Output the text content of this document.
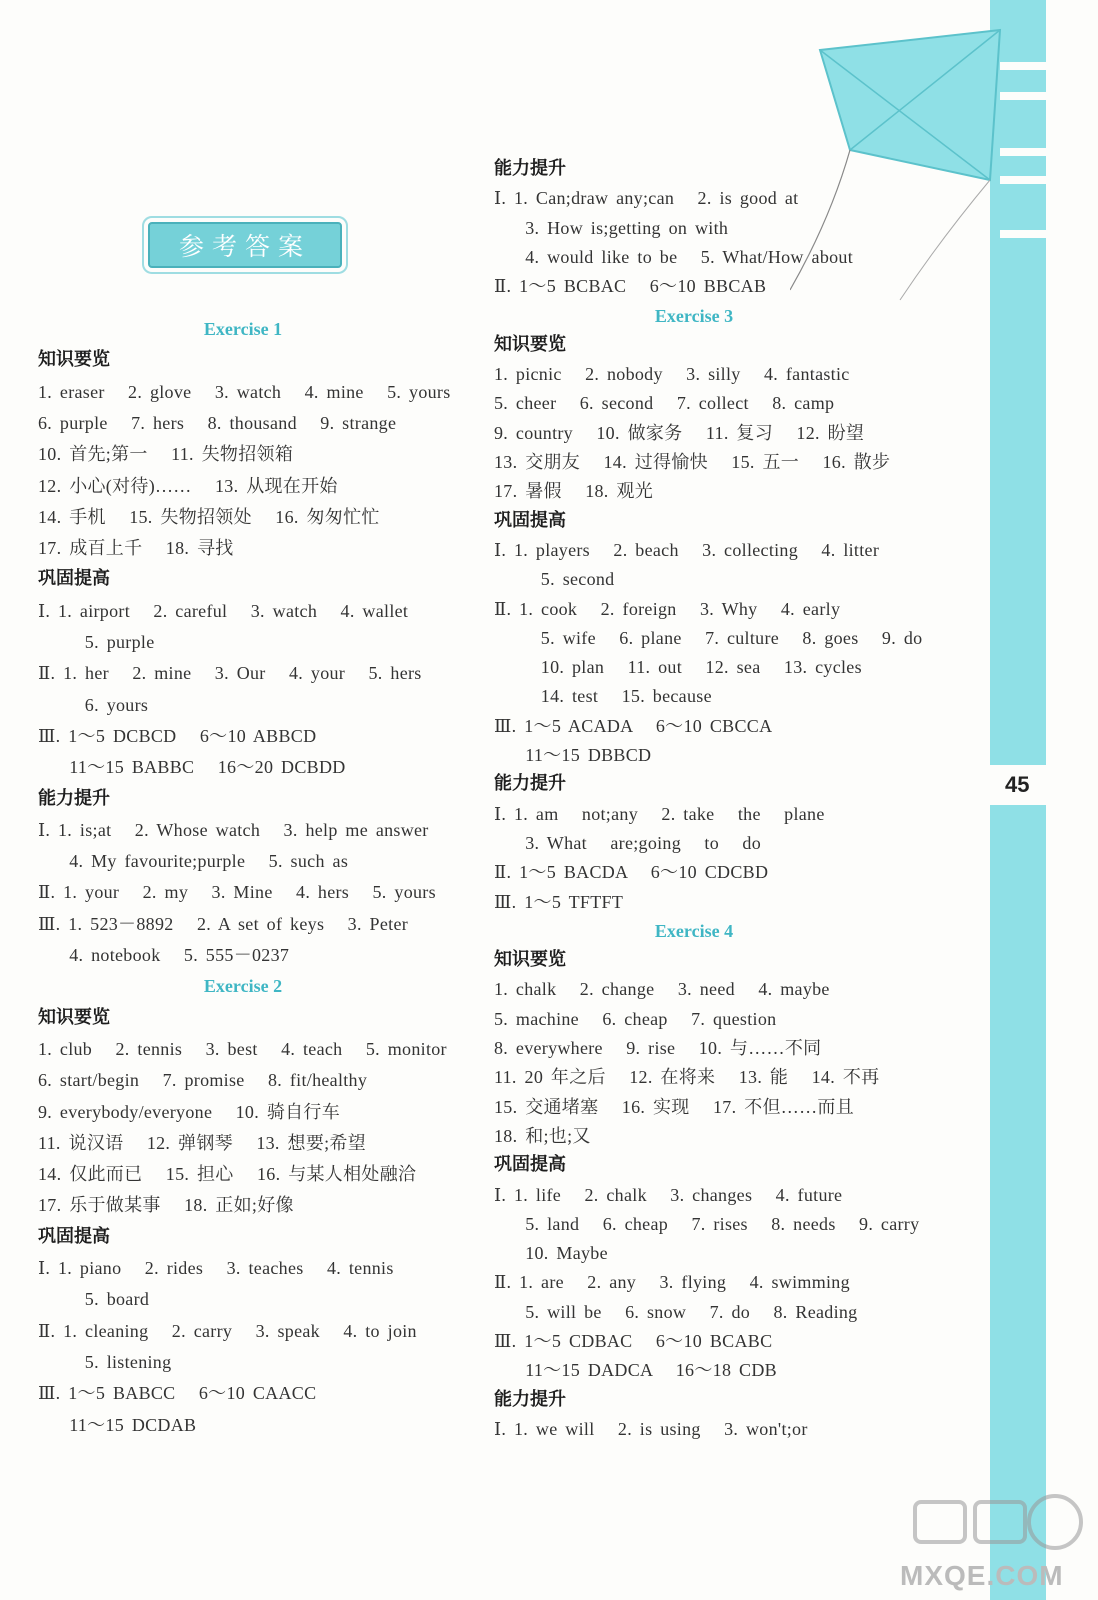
45
参考答案
Exercise 1
知识要览
1. eraser   2. glove   3. watch   4. mine   5. yours
6. purple   7. hers   8. thousand   9. strange
10. 首先;第一   11. 失物招领箱
12. 小心(对待)……   13. 从现在开始
14. 手机   15. 失物招领处   16. 匆匆忙忙
17. 成百上千   18. 寻找
巩固提高
Ⅰ. 1. airport   2. careful   3. watch   4. wallet
5. purple
Ⅱ. 1. her   2. mine   3. Our   4. your   5. hers
6. yours
Ⅲ. 1～5 DCBCD   6～10 ABBCD
11～15 BABBC   16～20 DCBDD
能力提升
Ⅰ. 1. is;at   2. Whose watch   3. help me answer
4. My favourite;purple   5. such as
Ⅱ. 1. your   2. my   3. Mine   4. hers   5. yours
Ⅲ. 1. 523－8892   2. A set of keys   3. Peter
4. notebook   5. 555－0237
Exercise 2
知识要览
1. club   2. tennis   3. best   4. teach   5. monitor
6. start/begin   7. promise   8. fit/healthy
9. everybody/everyone   10. 骑自行车
11. 说汉语   12. 弹钢琴   13. 想要;希望
14. 仅此而已   15. 担心   16. 与某人相处融洽
17. 乐于做某事   18. 正如;好像
巩固提高
Ⅰ. 1. piano   2. rides   3. teaches   4. tennis
5. board
Ⅱ. 1. cleaning   2. carry   3. speak   4. to join
5. listening
Ⅲ. 1～5 BABCC   6～10 CAACC
11～15 DCDAB
能力提升
Ⅰ. 1. Can;draw any;can   2. is good at
3. How is;getting on with
4. would like to be   5. What/How about
Ⅱ. 1～5 BCBAC   6～10 BBCAB
Exercise 3
知识要览
1. picnic   2. nobody   3. silly   4. fantastic
5. cheer   6. second   7. collect   8. camp
9. country   10. 做家务   11. 复习   12. 盼望
13. 交朋友   14. 过得愉快   15. 五一   16. 散步
17. 暑假   18. 观光
巩固提高
Ⅰ. 1. players   2. beach   3. collecting   4. litter
5. second
Ⅱ. 1. cook   2. foreign   3. Why   4. early
5. wife   6. plane   7. culture   8. goes   9. do
10. plan   11. out   12. sea   13. cycles
14. test   15. because
Ⅲ. 1～5 ACADA   6～10 CBCCA
11～15 DBBCD
能力提升
Ⅰ. 1. am   not;any   2. take   the   plane
3. What   are;going   to   do
Ⅱ. 1～5 BACDA   6～10 CDCBD
Ⅲ. 1～5 TFTFT
Exercise 4
知识要览
1. chalk   2. change   3. need   4. maybe
5. machine   6. cheap   7. question
8. everywhere   9. rise   10. 与……不同
11. 20 年之后   12. 在将来   13. 能   14. 不再
15. 交通堵塞   16. 实现   17. 不但……而且
18. 和;也;又
巩固提高
Ⅰ. 1. life   2. chalk   3. changes   4. future
5. land   6. cheap   7. rises   8. needs   9. carry
10. Maybe
Ⅱ. 1. are   2. any   3. flying   4. swimming
5. will be   6. snow   7. do   8. Reading
Ⅲ. 1～5 CDBAC   6～10 BCABC
11～15 DADCA   16～18 CDB
能力提升
Ⅰ. 1. we will   2. is using   3. won't;or
MXQE.COM
